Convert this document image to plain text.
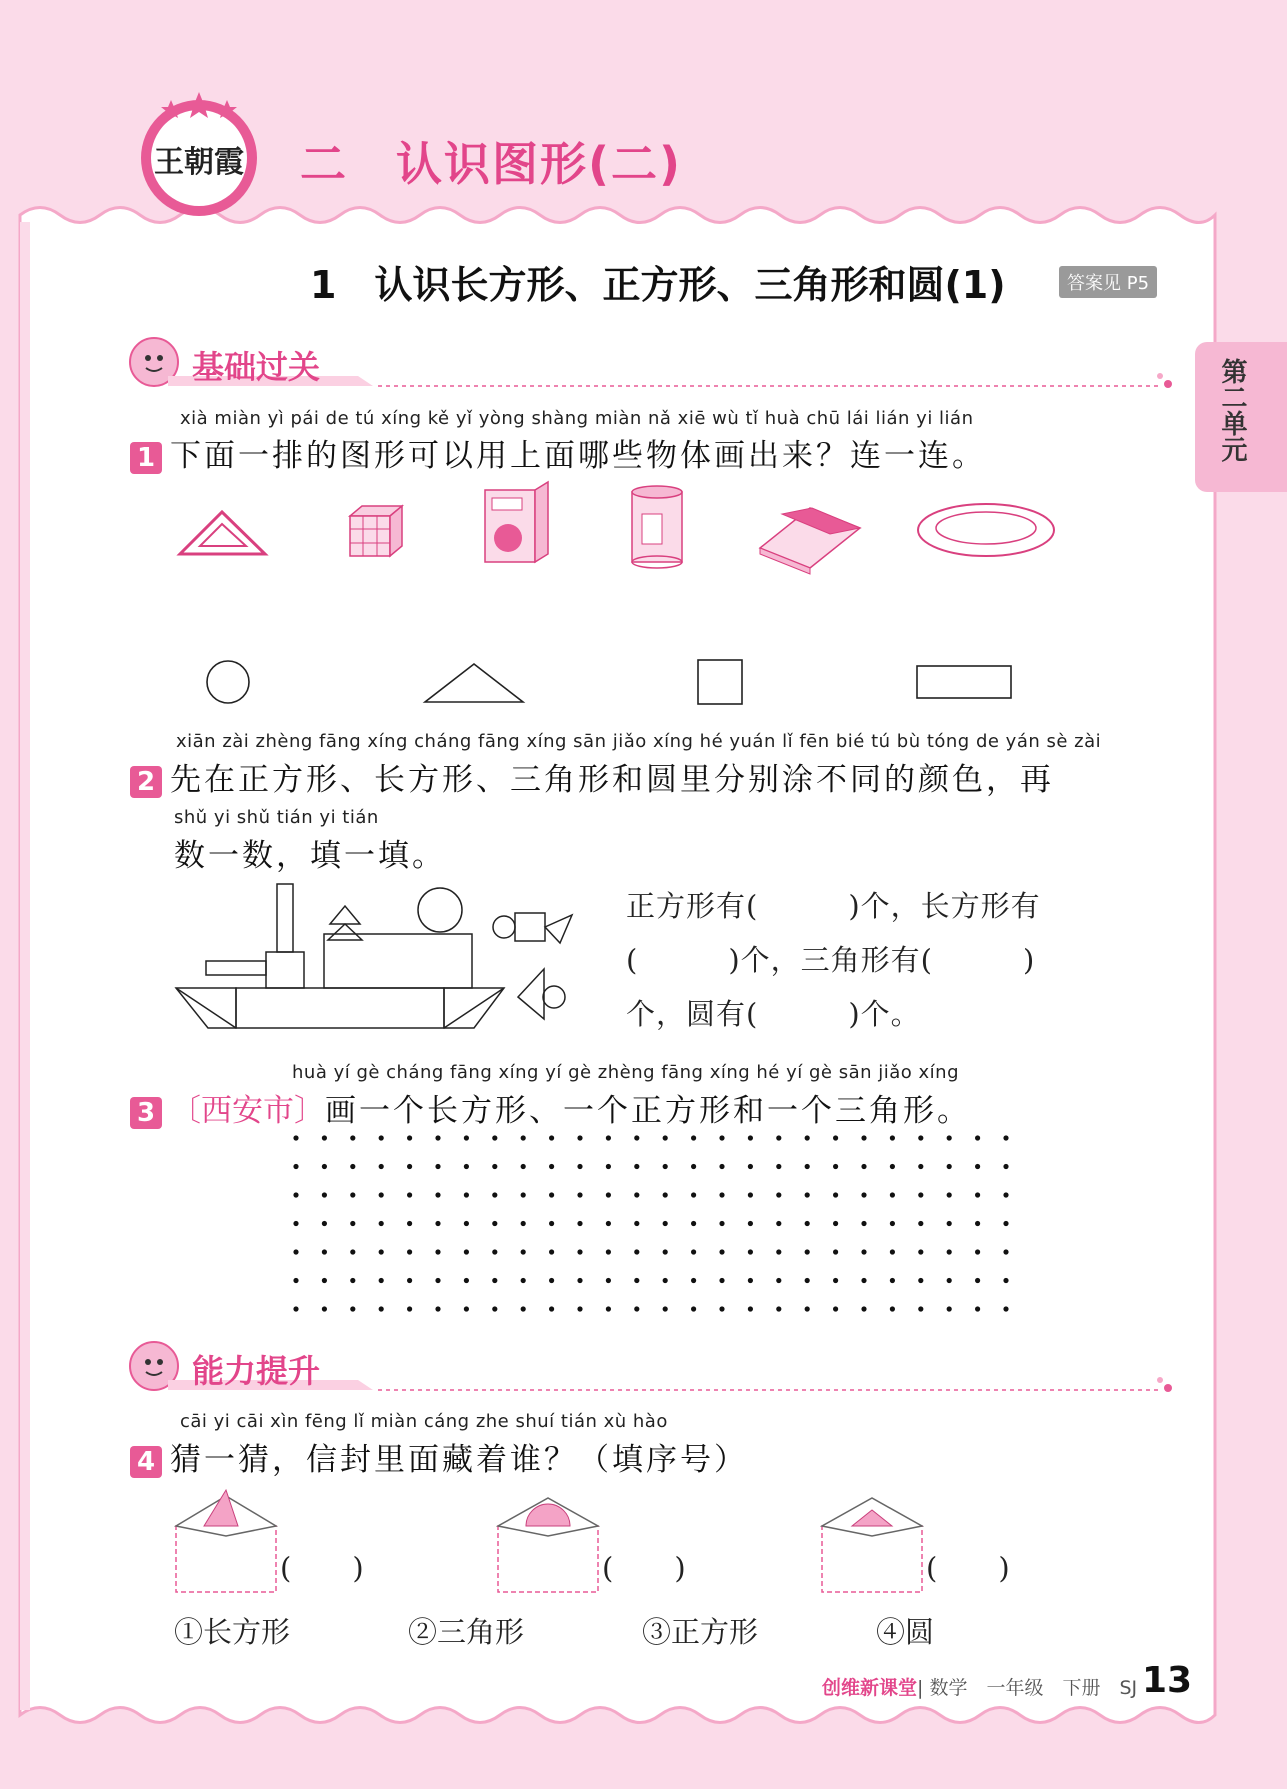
王朝霞 二　认识图形(二)
1　认识长方形、正方形、三角形和圆(1)	答案见 P5
第二单元
基础过关
xià miàn yì pái de tú xíng kě yǐ yòng shàng miàn nǎ xiē wù tǐ huà chū lái lián yi lián
1 下面一排的图形可以用上面哪些物体画出来？连一连。
xiān zài zhèng fāng xíng cháng fāng xíng sān jiǎo xíng hé yuán lǐ fēn bié tú bù tóng de yán sè zài
2 先在正方形、长方形、三角形和圆里分别涂不同的颜色，再
shǔ yi shǔ tián yi tián
数一数，填一填。
正方形有(　　　)个，长方形有
(　　　)个，三角形有(　　　)
个，圆有(　　　)个。
huà yí gè cháng fāng xíng yí gè zhèng fāng xíng hé yí gè sān jiǎo xíng
3 〔西安市〕画一个长方形、一个正方形和一个三角形。
能力提升
cāi yi cāi xìn fēng lǐ miàn cáng zhe shuí tián xù hào
4 猜一猜，信封里面藏着谁？（填序号）
(　　)	(　　)	(　　)
①长方形	②三角形	③正方形	④圆
创维新课堂| 数学　一年级　下册　SJ 13
